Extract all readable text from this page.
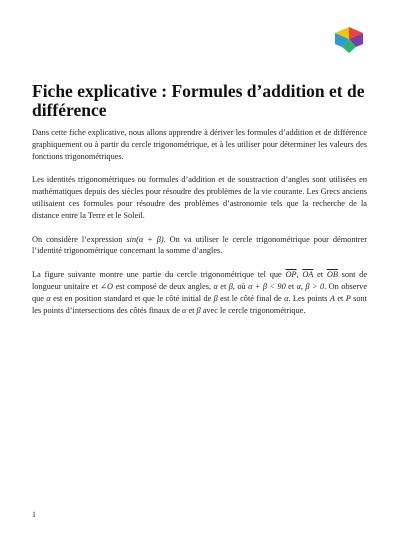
Fiche explicative : Formules d’addition et de différence

Dans cette fiche explicative, nous allons apprendre à dériver les formules d’addition et de différence graphiquement ou à partir du cercle trigonométrique, et à les utiliser pour déterminer les valeurs des fonctions trigonométriques.

Les identités trigonométriques ou formules d’addition et de soustraction d’angles sont utilisées en mathématiques depuis des siècles pour résoudre des problèmes de la vie courante. Les Grecs anciens utilisaient ces formules pour résoudre des problèmes d’astronomie tels que la recherche de la distance entre la Terre et le Soleil.

On considère l’expression sin(α + β). On va utiliser le cercle trigonométrique pour démontrer l’identité trigonométrique concernant la somme d’angles.

La figure suivante montre une partie du cercle trigonométrique tel que $\overline{OP}$, $\overline{OA}$ et $\overline{OB}$ sont de longueur unitaire et ∠O est composé de deux angles, α et β, où α + β < 90 et α, β > 0. On observe que α est en position standard et que le côté initial de β est le côté final de α. Les points A et P sont les points d’intersections des côtés finaux de α et β avec le cercle trigonométrique.

1
